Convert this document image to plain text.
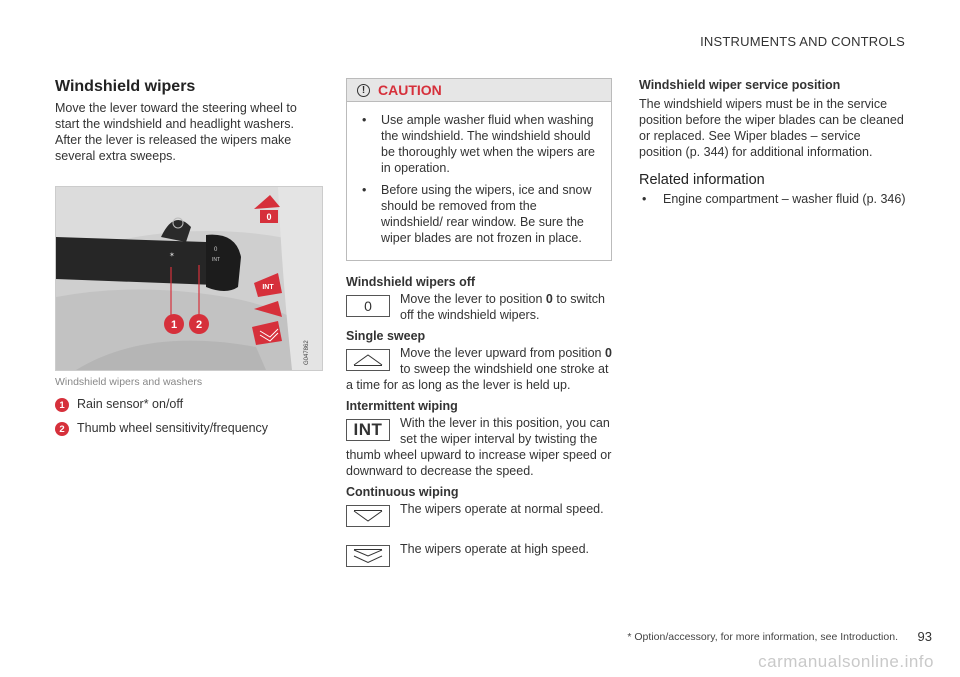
INSTRUMENTS AND CONTROLS
Windshield wipers

Move the lever toward the steering wheel to start the windshield and headlight washers. After the lever is released the wipers make several extra sweeps.

✶
0
INT
1 2
0
INT
G047862
Windshield wipers and washers
1 Rain sensor* on/off
2 Thumb wheel sensitivity/frequency
! CAUTION
• Use ample washer fluid when washing the windshield. The windshield should be thoroughly wet when the wipers are in operation.
• Before using the wipers, ice and snow should be removed from the windshield/ rear window. Be sure the wiper blades are not frozen in place.
Windshield wipers off
0 Move the lever to position 0 to switch off the windshield wipers.
Single sweep
Move the lever upward from position 0 to sweep the windshield one stroke at a time for as long as the lever is held up.
Intermittent wiping
INT With the lever in this position, you can set the wiper interval by twisting the thumb wheel upward to increase wiper speed or downward to decrease the speed.
Continuous wiping
The wipers operate at normal speed.
The wipers operate at high speed.
Windshield wiper service position

The windshield wipers must be in the service position before the wiper blades can be cleaned or replaced. See Wiper blades – service position (p. 344) for additional information.

Related information
• Engine compartment – washer fluid (p. 346)
* Option/accessory, for more information, see Introduction. 93
carmanualsonline.info
